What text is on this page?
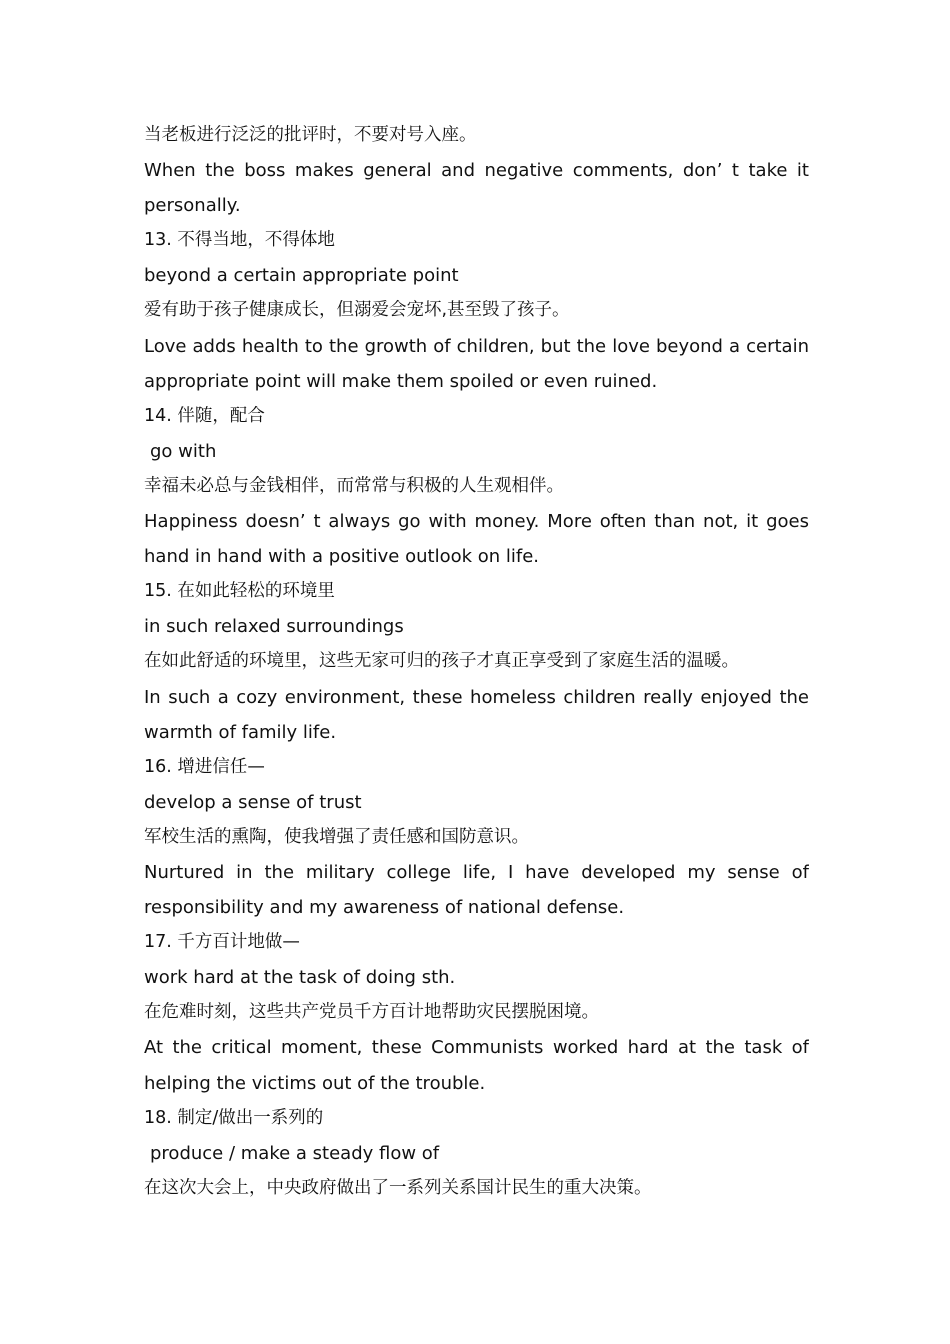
当老板进行泛泛的批评时，不要对号入座。
When the boss makes general and negative comments, don’ t take it
personally.
13. 不得当地，不得体地
beyond a certain appropriate point
爱有助于孩子健康成长，但溺爱会宠坏,甚至毁了孩子。
Love adds health to the growth of children, but the love beyond a certain
appropriate point will make them spoiled or even ruined.
14. 伴随，配合
go with
幸福未必总与金钱相伴，而常常与积极的人生观相伴。
Happiness doesn’ t always go with money. More often than not, it goes
hand in hand with a positive outlook on life.
15. 在如此轻松的环境里
in such relaxed surroundings
在如此舒适的环境里，这些无家可归的孩子才真正享受到了家庭生活的温暖。
In such a cozy environment, these homeless children really enjoyed the
warmth of family life.
16. 增进信任—
develop a sense of trust
军校生活的熏陶，使我增强了责任感和国防意识。
Nurtured in the military college life, I have developed my sense of
responsibility and my awareness of national defense.
17. 千方百计地做—
work hard at the task of doing sth.
在危难时刻，这些共产党员千方百计地帮助灾民摆脱困境。
At the critical moment, these Communists worked hard at the task of
helping the victims out of the trouble.
18. 制定/做出一系列的
produce / make a steady flow of
在这次大会上，中央政府做出了一系列关系国计民生的重大决策。
